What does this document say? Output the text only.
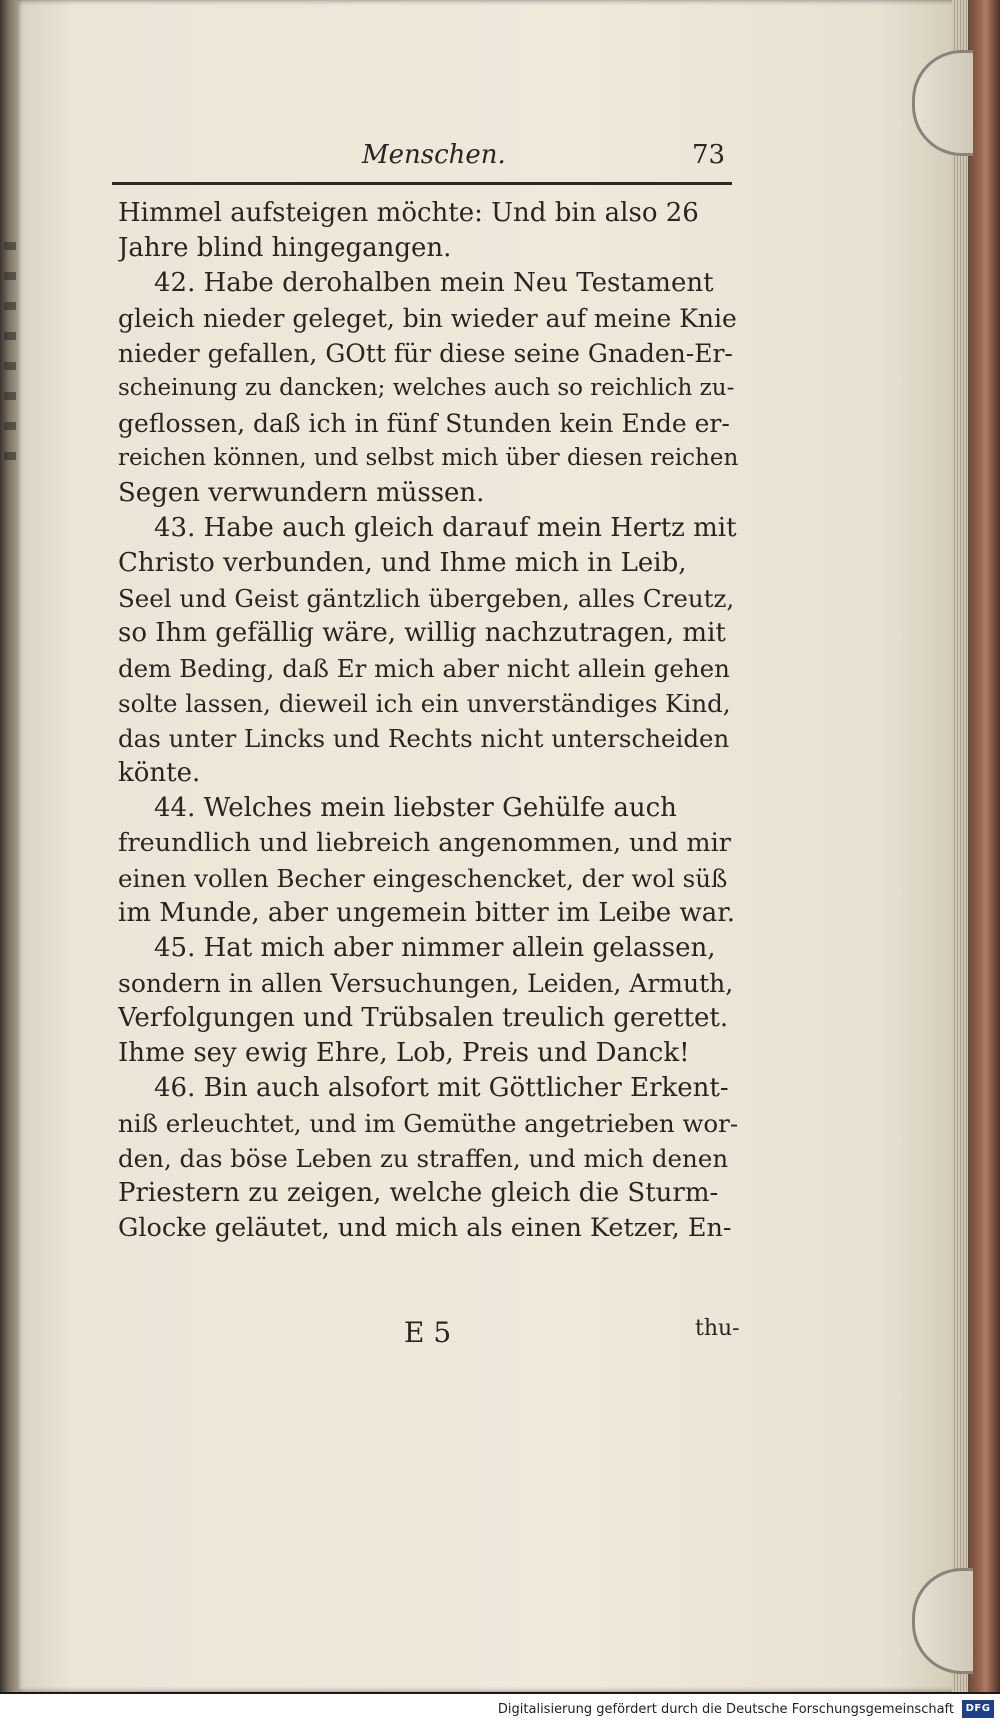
Menschen.	73
Himmel aufsteigen möchte: Und bin also 26
Jahre blind hingegangen.
42. Habe derohalben mein Neu Testament
gleich nieder geleget, bin wieder auf meine Knie
nieder gefallen, GOtt für diese seine Gnaden-Er-
scheinung zu dancken; welches auch so reichlich zu-
geflossen, daß ich in fünf Stunden kein Ende er-
reichen können, und selbst mich über diesen reichen
Segen verwundern müssen.
43. Habe auch gleich darauf mein Hertz mit
Christo verbunden, und Ihme mich in Leib,
Seel und Geist gäntzlich übergeben, alles Creutz,
so Ihm gefällig wäre, willig nachzutragen, mit
dem Beding, daß Er mich aber nicht allein gehen
solte lassen, dieweil ich ein unverständiges Kind,
das unter Lincks und Rechts nicht unterscheiden
könte.
44. Welches mein liebster Gehülfe auch
freundlich und liebreich angenommen, und mir
einen vollen Becher eingeschencket, der wol süß
im Munde, aber ungemein bitter im Leibe war.
45. Hat mich aber nimmer allein gelassen,
sondern in allen Versuchungen, Leiden, Armuth,
Verfolgungen und Trübsalen treulich gerettet.
Ihme sey ewig Ehre, Lob, Preis und Danck!
46. Bin auch alsofort mit Göttlicher Erkent-
niß erleuchtet, und im Gemüthe angetrieben wor-
den, das böse Leben zu straffen, und mich denen
Priestern zu zeigen, welche gleich die Sturm-
Glocke geläutet, und mich als einen Ketzer, En-
E 5	thu-
Digitalisierung gefördert durch die Deutsche Forschungsgemeinschaft	DFG
